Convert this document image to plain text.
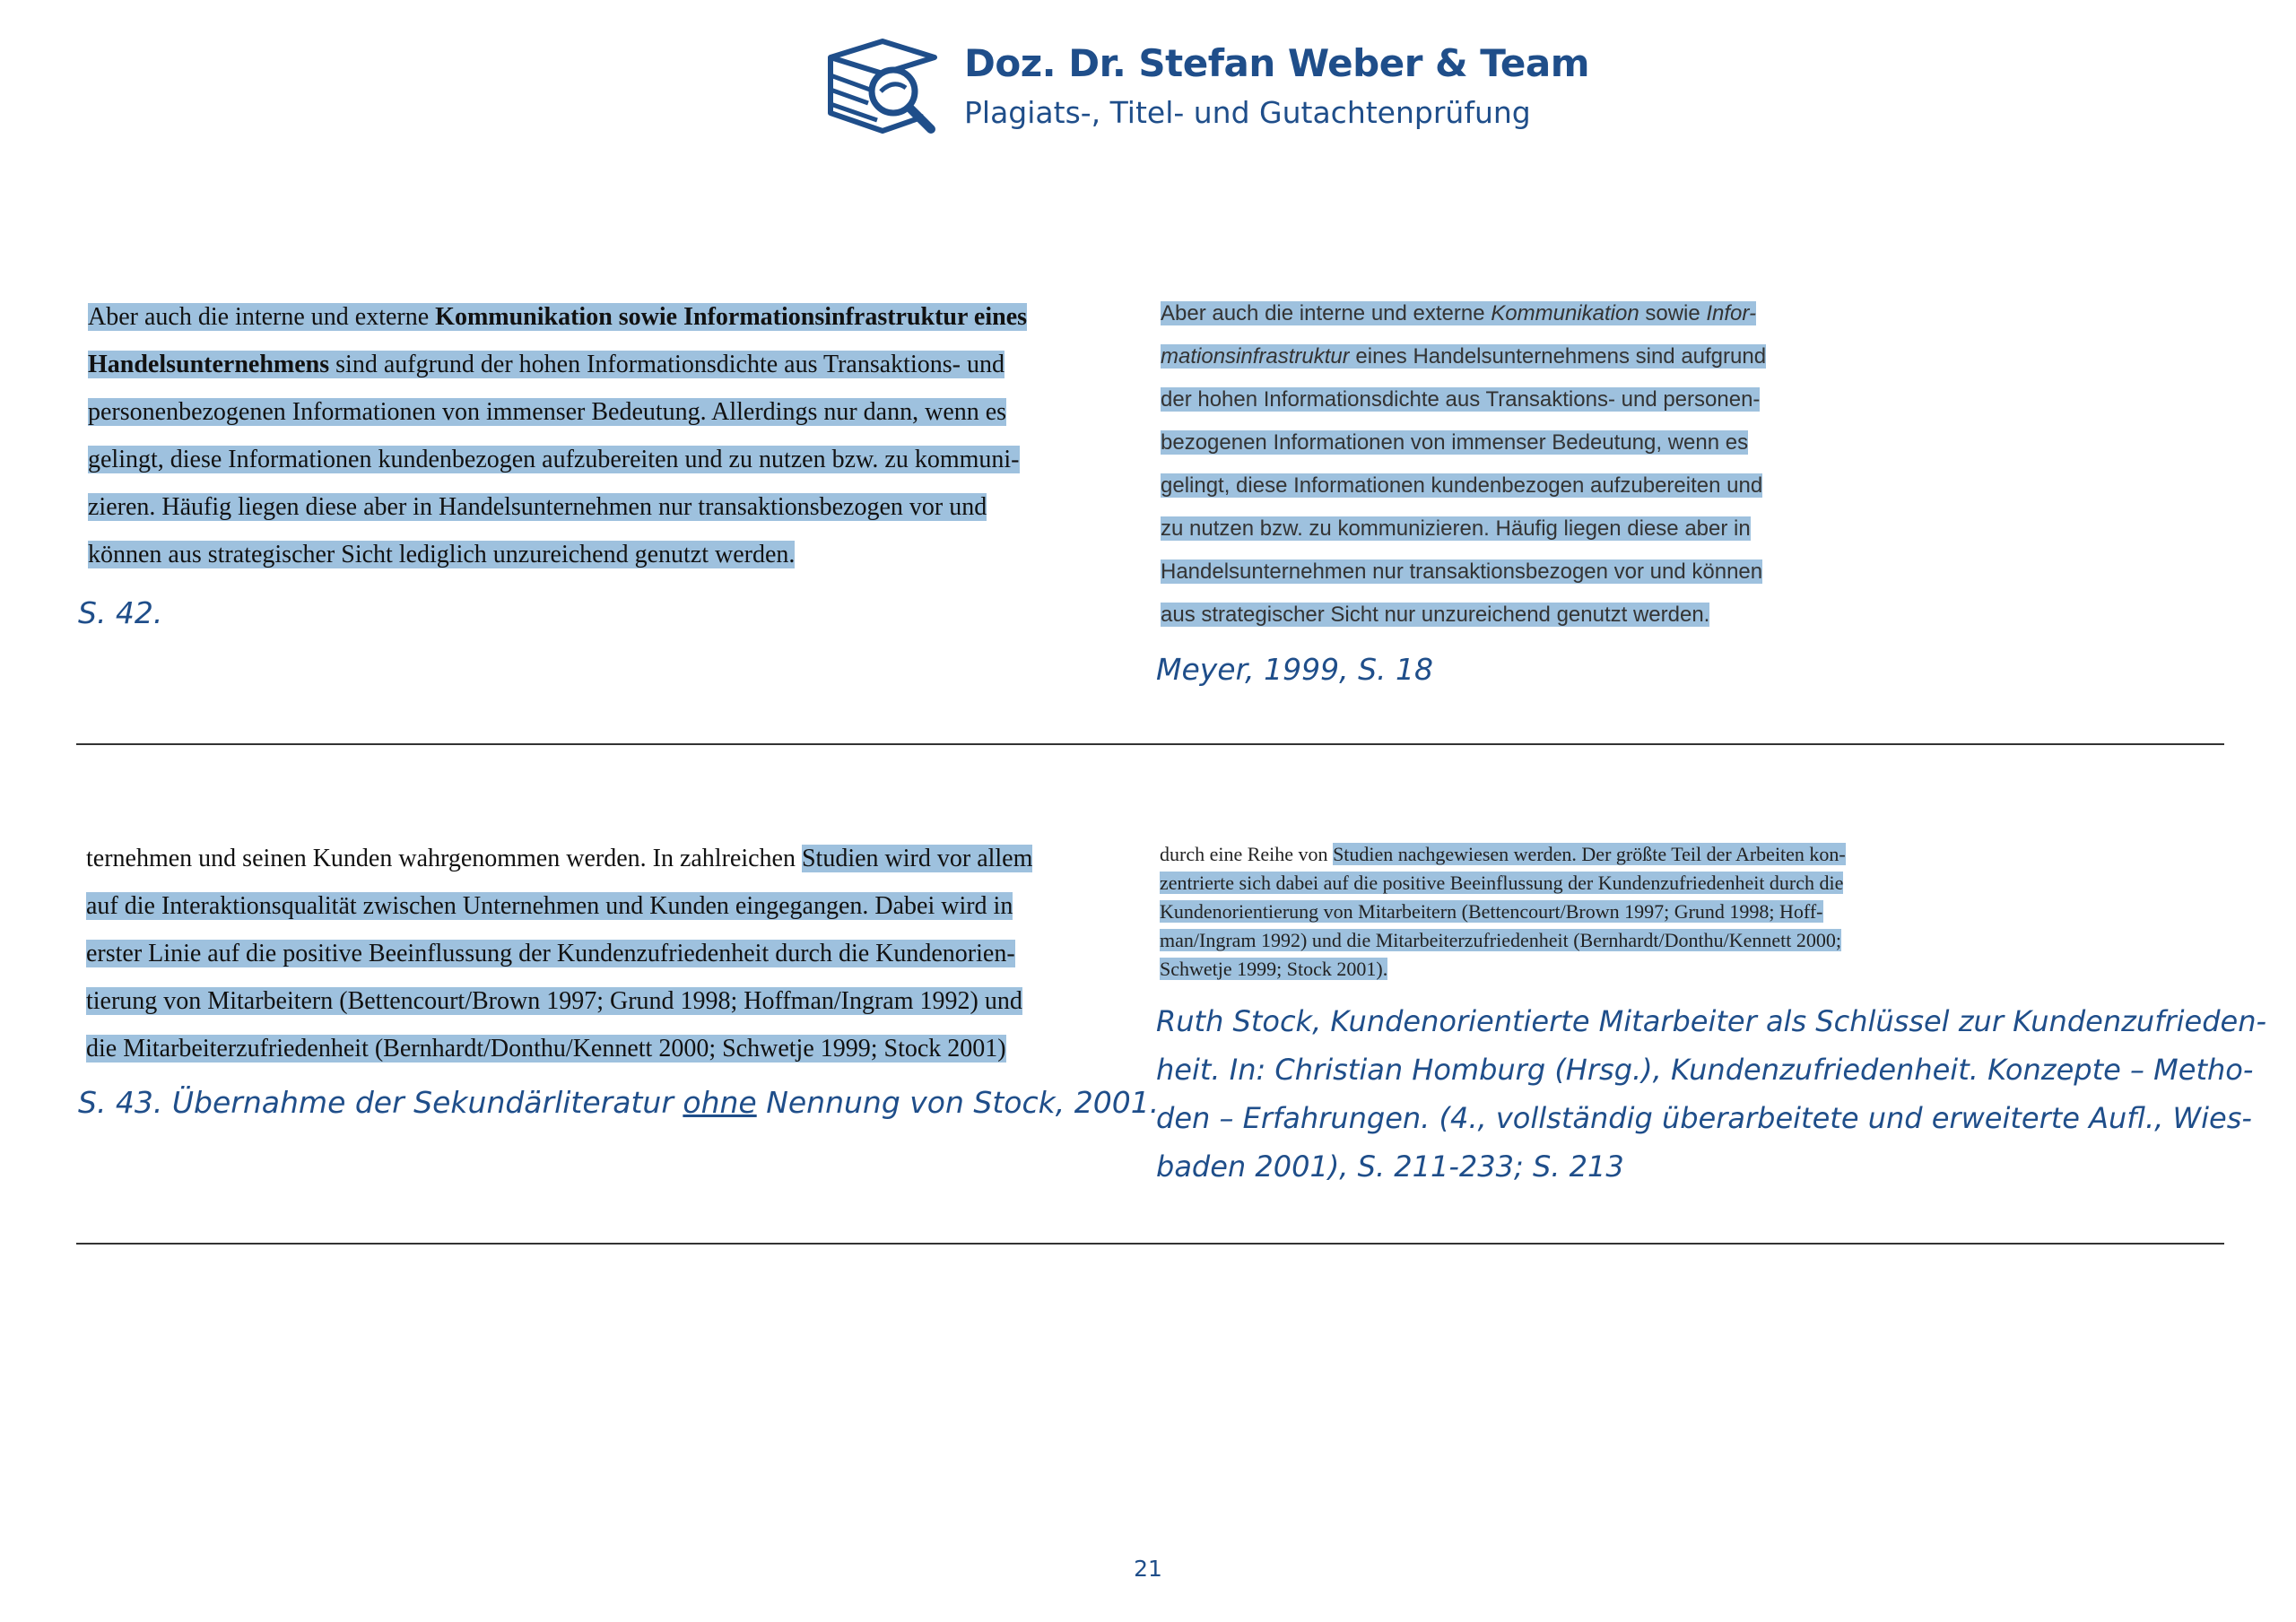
Doz. Dr. Stefan Weber & Team
Plagiats-, Titel- und Gutachtenprüfung
Aber auch die interne und externe Kommunikation sowie Informationsinfrastruktur eines
Handelsunternehmens sind aufgrund der hohen Informationsdichte aus Transaktions- und
personenbezogenen Informationen von immenser Bedeutung. Allerdings nur dann, wenn es
gelingt, diese Informationen kundenbezogen aufzubereiten und zu nutzen bzw. zu kommuni-
zieren. Häufig liegen diese aber in Handelsunternehmen nur transaktionsbezogen vor und
können aus strategischer Sicht lediglich unzureichend genutzt werden.
S. 42.
Aber auch die interne und externe Kommunikation sowie Infor-
mationsinfrastruktur eines Handelsunternehmens sind aufgrund
der hohen Informationsdichte aus Transaktions- und personen-
bezogenen Informationen von immenser Bedeutung, wenn es
gelingt, diese Informationen kundenbezogen aufzubereiten und
zu nutzen bzw. zu kommunizieren. Häufig liegen diese aber in
Handelsunternehmen nur transaktionsbezogen vor und können
aus strategischer Sicht nur unzureichend genutzt werden.
Meyer, 1999, S. 18
ternehmen und seinen Kunden wahrgenommen werden. In zahlreichen Studien wird vor allem
auf die Interaktionsqualität zwischen Unternehmen und Kunden eingegangen. Dabei wird in
erster Linie auf die positive Beeinflussung der Kundenzufriedenheit durch die Kundenorien-
tierung von Mitarbeitern (Bettencourt/Brown 1997; Grund 1998; Hoffman/Ingram 1992) und
die Mitarbeiterzufriedenheit (Bernhardt/Donthu/Kennett 2000; Schwetje 1999; Stock 2001)
S. 43. Übernahme der Sekundärliteratur ohne Nennung von Stock, 2001.
durch eine Reihe von Studien nachgewiesen werden. Der größte Teil der Arbeiten kon-
zentrierte sich dabei auf die positive Beeinflussung der Kundenzufriedenheit durch die
Kundenorientierung von Mitarbeitern (Bettencourt/Brown 1997; Grund 1998; Hoff-
man/Ingram 1992) und die Mitarbeiterzufriedenheit (Bernhardt/Donthu/Kennett 2000;
Schwetje 1999; Stock 2001).
Ruth Stock, Kundenorientierte Mitarbeiter als Schlüssel zur Kundenzufrieden-
heit. In: Christian Homburg (Hrsg.), Kundenzufriedenheit. Konzepte – Metho-
den – Erfahrungen. (4., vollständig überarbeitete und erweiterte Aufl., Wies-
baden 2001), S. 211-233; S. 213
21
